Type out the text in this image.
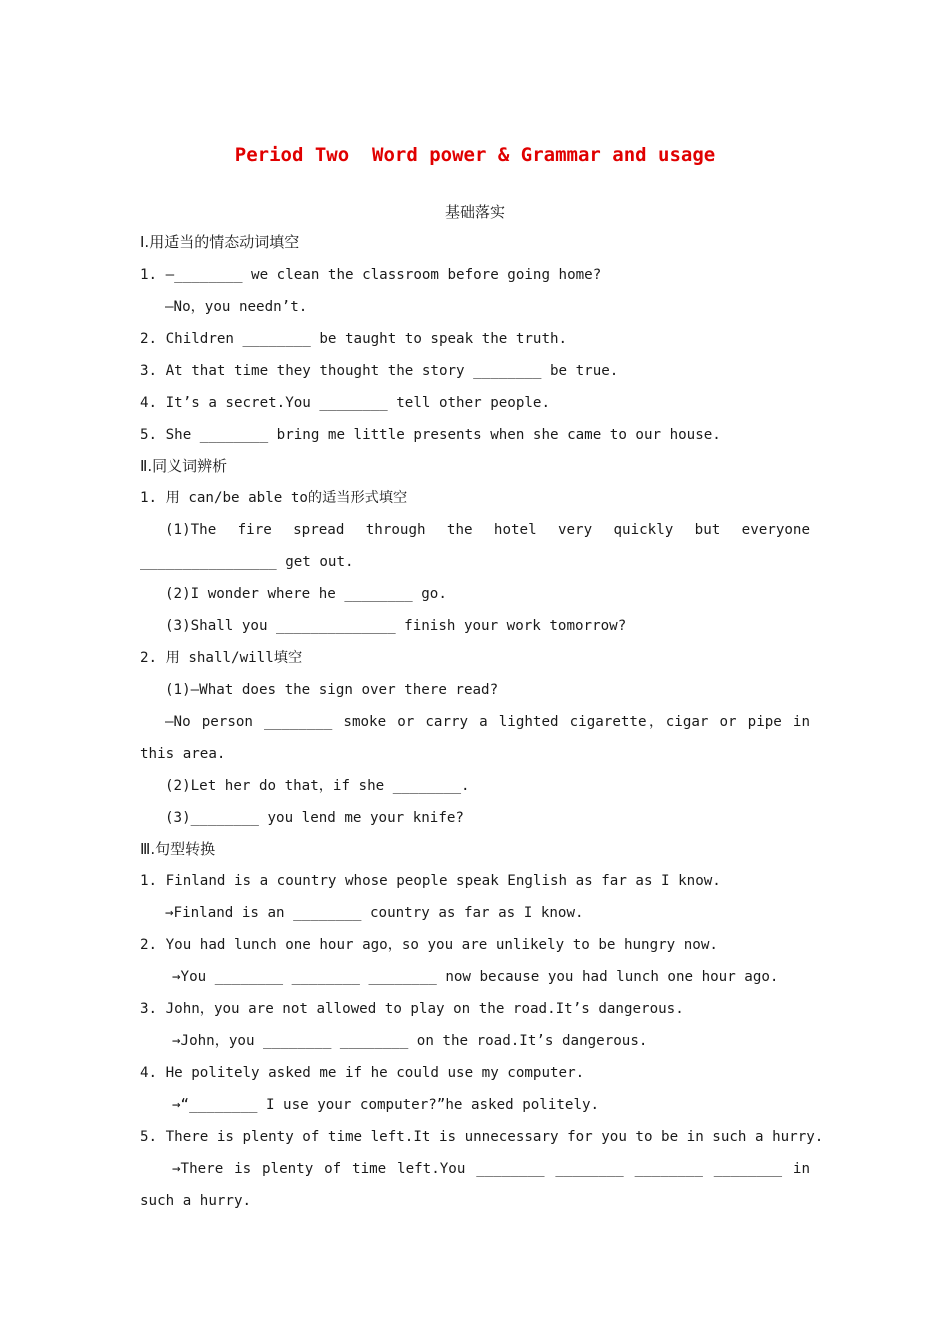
Period Two  Word power & Grammar and usage
基础落实
Ⅰ.用适当的情态动词填空
1. —________ we clean the classroom before going home?
—No，you needn’t.
2. Children ________ be taught to speak the truth.
3. At that time they thought the story ________ be true.
4. It’s a secret.You ________ tell other people.
5. She ________ bring me little presents when she came to our house.
Ⅱ.同义词辨析
1. 用 can/be able to的适当形式填空
(1)The fire spread through the hotel very quickly but everyone
________________ get out.
(2)I wonder where he ________ go.
(3)Shall you ______________ finish your work tomorrow?
2. 用 shall/will填空
(1)—What does the sign over there read?
—No person ________ smoke or carry a lighted cigarette，cigar or pipe in
this area.
(2)Let her do that，if she ________.
(3)________ you lend me your knife?
Ⅲ.句型转换
1. Finland is a country whose people speak English as far as I know.
→Finland is an ________ country as far as I know.
2. You had lunch one hour ago，so you are unlikely to be hungry now.
→You ________ ________ ________ now because you had lunch one hour ago.
3. John，you are not allowed to play on the road.It’s dangerous.
→John，you ________ ________ on the road.It’s dangerous.
4. He politely asked me if he could use my computer.
→“________ I use your computer?”he asked politely.
5. There is plenty of time left.It is unnecessary for you to be in such a hurry.
→There is plenty of time left.You ________ ________ ________ ________ in
such a hurry.
